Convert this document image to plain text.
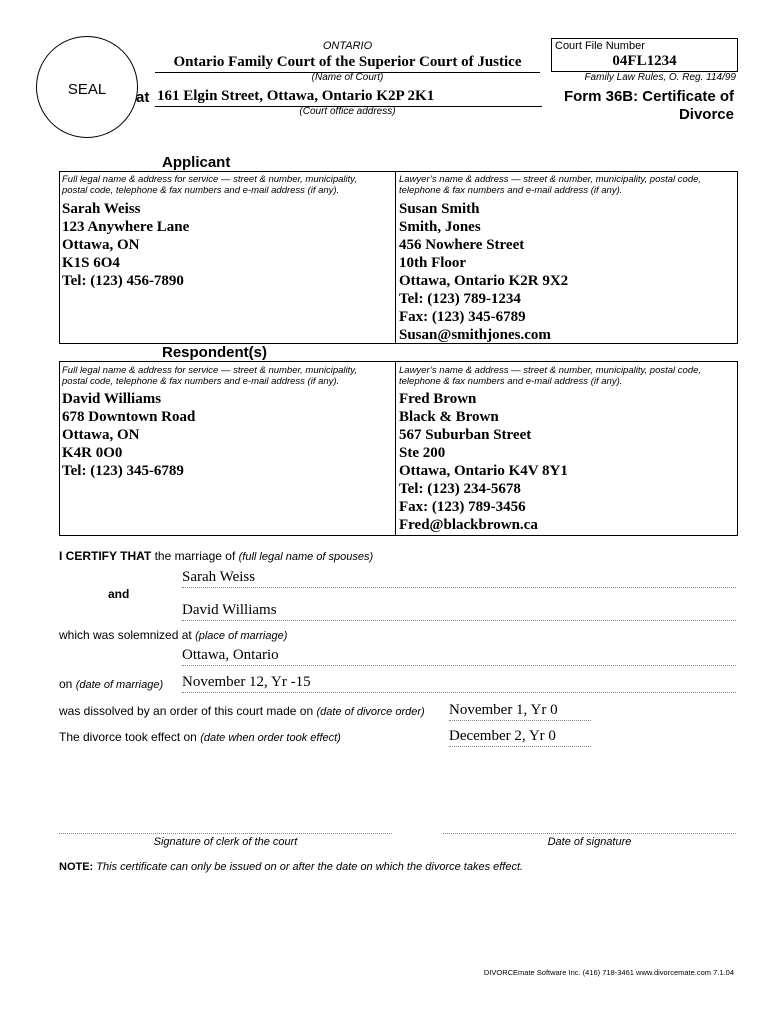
SEAL
ONTARIO
Ontario Family Court of the Superior Court of Justice
(Name of Court)
at 161 Elgin Street, Ottawa, Ontario K2P 2K1
(Court office address)
Court File Number
04FL1234
Family Law Rules, O. Reg. 114/99
Form 36B: Certificate of
Divorce
Applicant
Full legal name & address for service — street & number, municipality,
postal code, telephone & fax numbers and e-mail address (if any).
Lawyer’s name & address — street & number, municipality, postal code,
telephone & fax numbers and e-mail address (if any).
Sarah Weiss
123 Anywhere Lane
Ottawa, ON
K1S 6O4
Tel: (123) 456-7890
Susan Smith
Smith, Jones
456 Nowhere Street
10th Floor
Ottawa, Ontario K2R 9X2
Tel: (123) 789-1234
Fax: (123) 345-6789
Susan@smithjones.com
Respondent(s)
Full legal name & address for service — street & number, municipality,
postal code, telephone & fax numbers and e-mail address (if any).
Lawyer’s name & address — street & number, municipality, postal code,
telephone & fax numbers and e-mail address (if any).
David Williams
678 Downtown Road
Ottawa, ON
K4R 0O0
Tel: (123) 345-6789
Fred Brown
Black & Brown
567 Suburban Street
Ste 200
Ottawa, Ontario K4V 8Y1
Tel: (123) 234-5678
Fax: (123) 789-3456
Fred@blackbrown.ca
I CERTIFY THAT the marriage of (full legal name of spouses)
Sarah Weiss
and
David Williams
which was solemnized at (place of marriage)
Ottawa, Ontario
on (date of marriage) November 12, Yr -15
was dissolved by an order of this court made on (date of divorce order) November 1, Yr 0
The divorce took effect on (date when order took effect)	December 2, Yr 0
Signature of clerk of the court	Date of signature
NOTE: This certificate can only be issued on or after the date on which the divorce takes effect.
DIVORCEmate Software Inc. (416) 718-3461 www.divorcemate.com 7.1.04
